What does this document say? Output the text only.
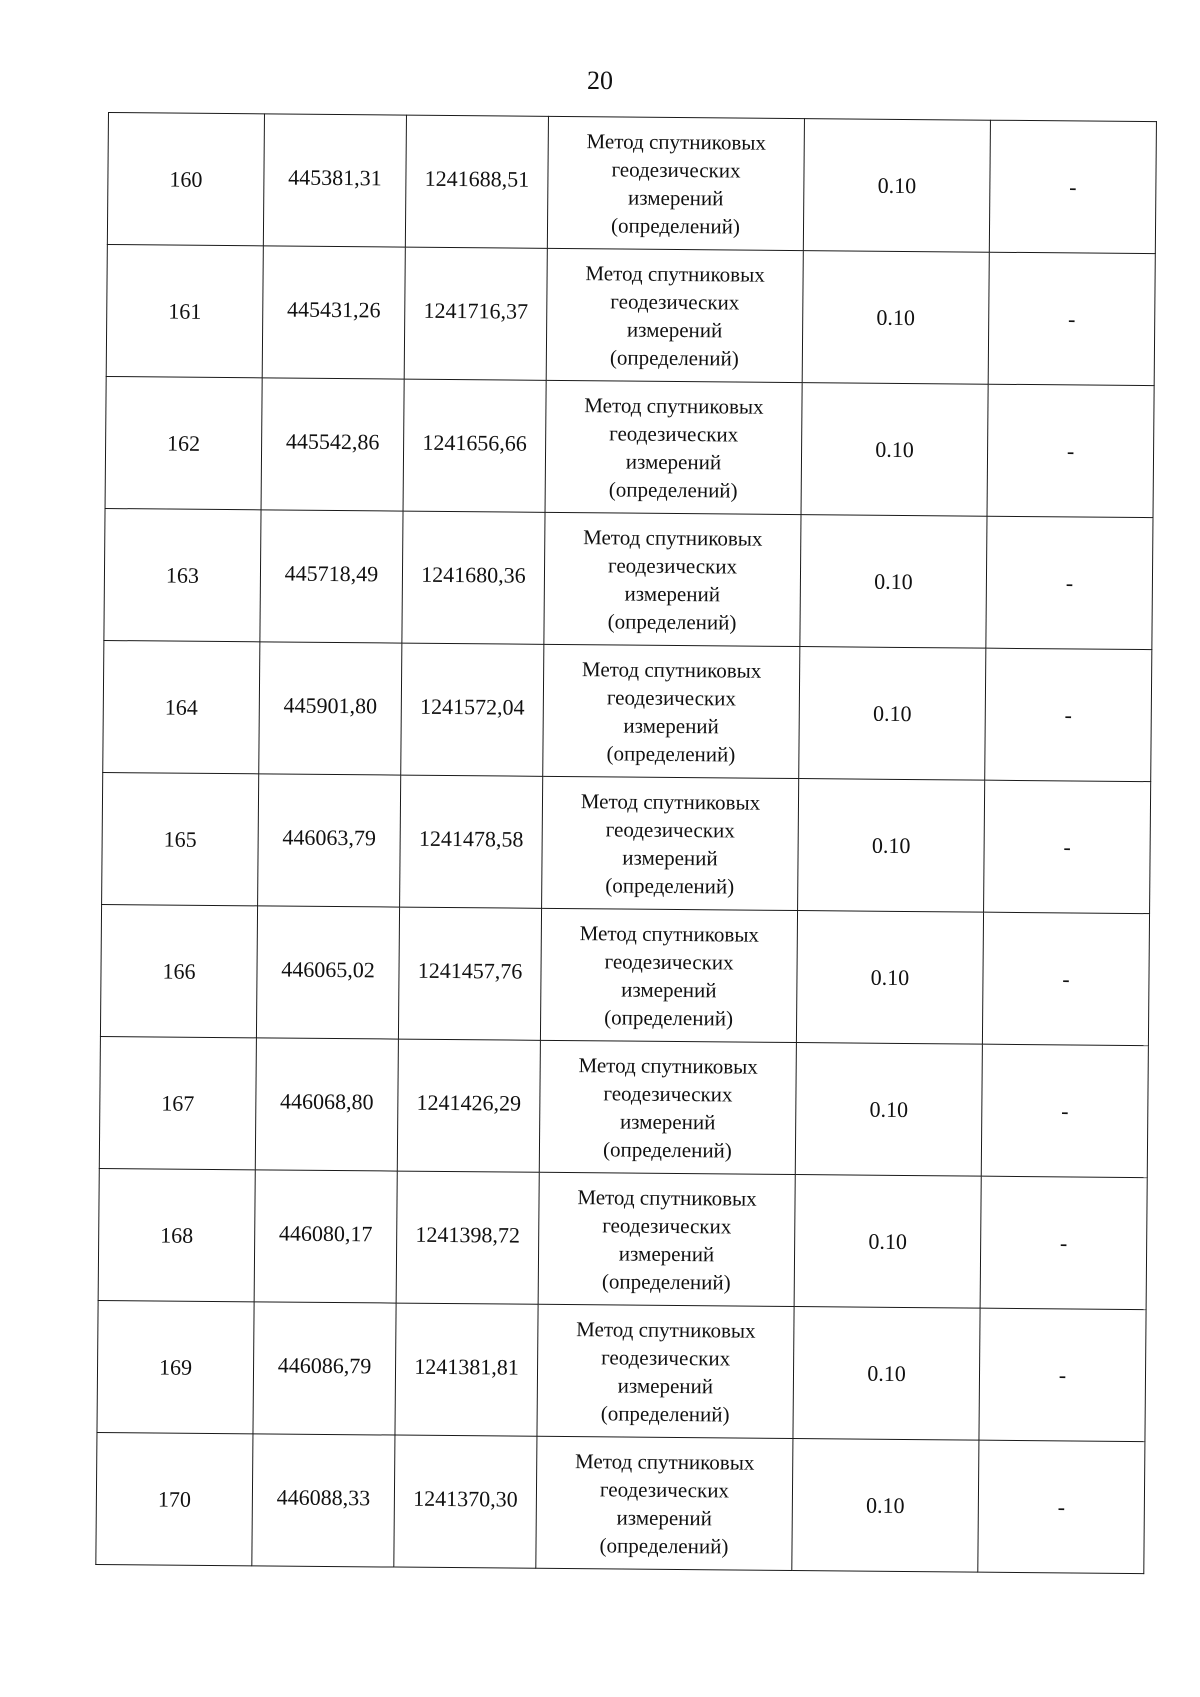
20
160	445381,31	1241688,51	Метод спутниковых
геодезических
измерений
(определений)	0.10	-
161	445431,26	1241716,37	Метод спутниковых
геодезических
измерений
(определений)	0.10	-
162	445542,86	1241656,66	Метод спутниковых
геодезических
измерений
(определений)	0.10	-
163	445718,49	1241680,36	Метод спутниковых
геодезических
измерений
(определений)	0.10	-
164	445901,80	1241572,04	Метод спутниковых
геодезических
измерений
(определений)	0.10	-
165	446063,79	1241478,58	Метод спутниковых
геодезических
измерений
(определений)	0.10	-
166	446065,02	1241457,76	Метод спутниковых
геодезических
измерений
(определений)	0.10	-
167	446068,80	1241426,29	Метод спутниковых
геодезических
измерений
(определений)	0.10	-
168	446080,17	1241398,72	Метод спутниковых
геодезических
измерений
(определений)	0.10	-
169	446086,79	1241381,81	Метод спутниковых
геодезических
измерений
(определений)	0.10	-
170	446088,33	1241370,30	Метод спутниковых
геодезических
измерений
(определений)	0.10	-
